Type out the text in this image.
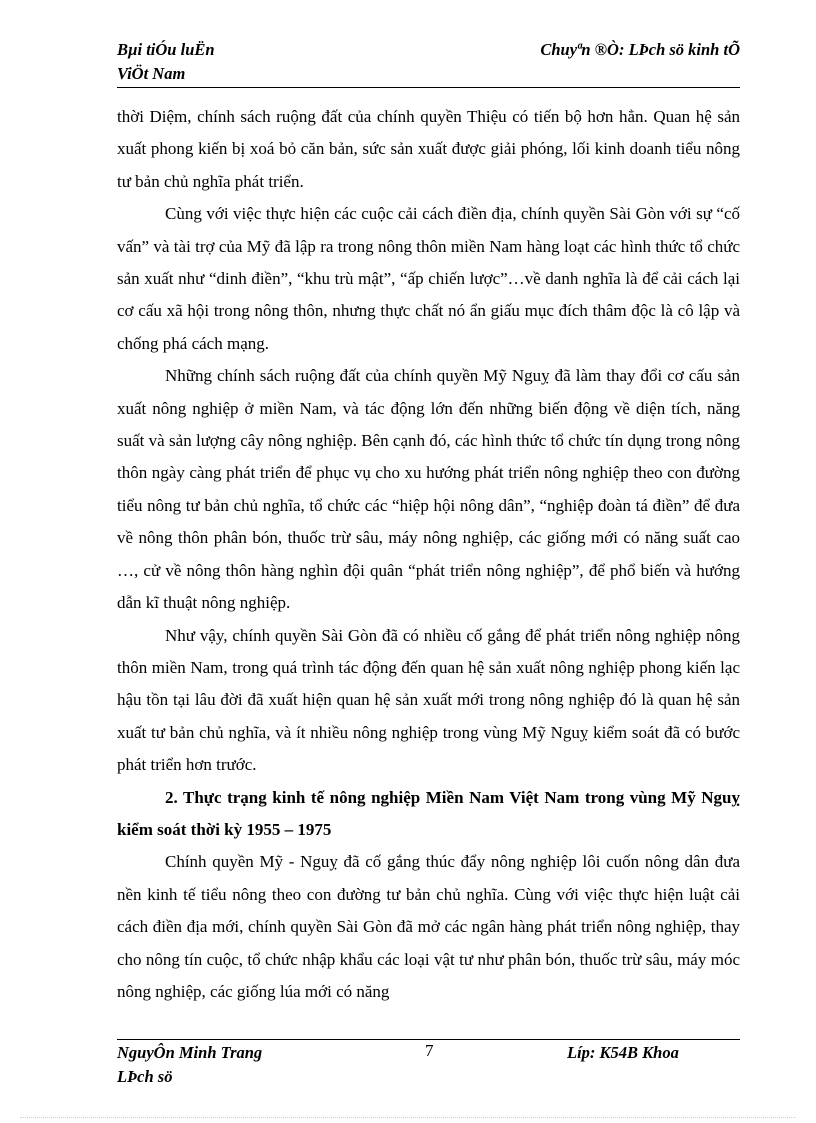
Bµi tiÓu luËn
ViÖt Nam
Chuyªn ®Ò: LÞch sö kinh tÕ

thời Diệm, chính sách ruộng đất của chính quyền Thiệu có tiến bộ hơn hẳn. Quan hệ sản xuất phong kiến bị xoá bỏ căn bản, sức sản xuất được giải phóng, lối kinh doanh tiểu nông tư bản chủ nghĩa phát triển.

Cùng với việc thực hiện các cuộc cải cách điền địa, chính quyền Sài Gòn với sự “cố vấn” và tài trợ của Mỹ đã lập ra trong nông thôn miền Nam hàng loạt các hình thức tổ chức sản xuất như “dinh điền”, “khu trù mật”, “ấp chiến lược”…về danh nghĩa là để cải cách lại cơ cấu xã hội trong nông thôn, nhưng thực chất nó ẩn giấu mục đích thâm độc là cô lập và chống phá cách mạng.

Những chính sách ruộng đất của chính quyền Mỹ Nguỵ đã làm thay đổi cơ cấu sản xuất nông nghiệp ở miền Nam, và tác động lớn đến những biến động về diện tích, năng suất và sản lượng cây nông nghiệp. Bên cạnh đó, các hình thức tổ chức tín dụng trong nông thôn ngày càng phát triển để phục vụ cho xu hướng phát triển nông nghiệp theo con đường tiểu nông tư bản chủ nghĩa, tổ chức các “hiệp hội nông dân”, “nghiệp đoàn tá điền” để đưa về nông thôn phân bón, thuốc trừ sâu, máy nông nghiệp, các giống mới có năng suất cao …, cử về nông thôn hàng nghìn đội quân “phát triển nông nghiệp”, để phổ biến và hướng dẫn kĩ thuật nông nghiệp.

Như vậy, chính quyền Sài Gòn đã có nhiều cố gắng để phát triển nông nghiệp nông thôn miền Nam, trong quá trình tác động đến quan hệ sản xuất nông nghiệp phong kiến lạc hậu tồn tại lâu đời đã xuất hiện quan hệ sản xuất mới trong nông nghiệp đó là quan hệ sản xuất tư bản chủ nghĩa, và ít nhiều nông nghiệp trong vùng Mỹ Nguỵ kiểm soát đã có bước phát triển hơn trước.

2. Thực trạng kinh tế nông nghiệp Miền Nam Việt Nam trong vùng Mỹ Nguỵ kiểm soát thời kỳ 1955 – 1975

Chính quyền Mỹ - Nguỵ đã cố gắng thúc đẩy nông nghiệp lôi cuốn nông dân đưa nền kinh tế tiểu nông theo con đường tư bản chủ nghĩa. Cùng với việc thực hiện luật cải cách điền địa mới, chính quyền Sài Gòn đã mở các ngân hàng phát triển nông nghiệp, thay cho nông tín cuộc, tổ chức nhập khẩu các loại vật tư như phân bón, thuốc trừ sâu, máy móc nông nghiệp, các giống lúa mới có năng

NguyÔn Minh Trang
LÞch sö
7	Líp: K54B Khoa
